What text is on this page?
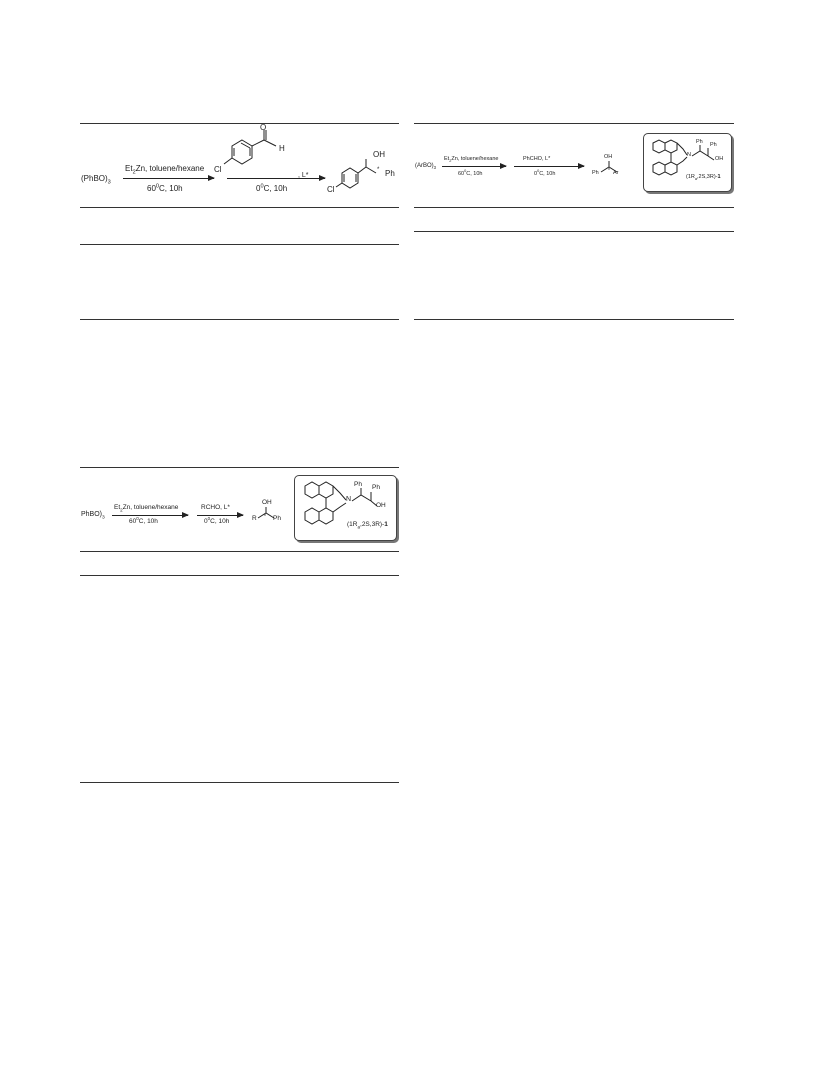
$(PhBO)_3$
$Et_2Zn$, toluene/hexane
$60^0C$, 10h
O
H
Cl
, L*
$0^0C$, 10h
OH
* Ph
Cl
$(ArBO)_3$
$Et_2Zn$, toluene/hexane
$60^0C$, 10h
PhCHO, L*
$0^0C$, 10h
OH
Ph * Ar
Ph Ph
N
OH
$(1R_a,2S,3R)-1$
$PhBO)_3$
$Et_2Zn$, toluene/hexane
$60^0C$, 10h
RCHO, L*
$0^0C$, 10h
OH
R * Ph
Ph Ph
N
OH
$(1R_a,2S,3R)-1$
